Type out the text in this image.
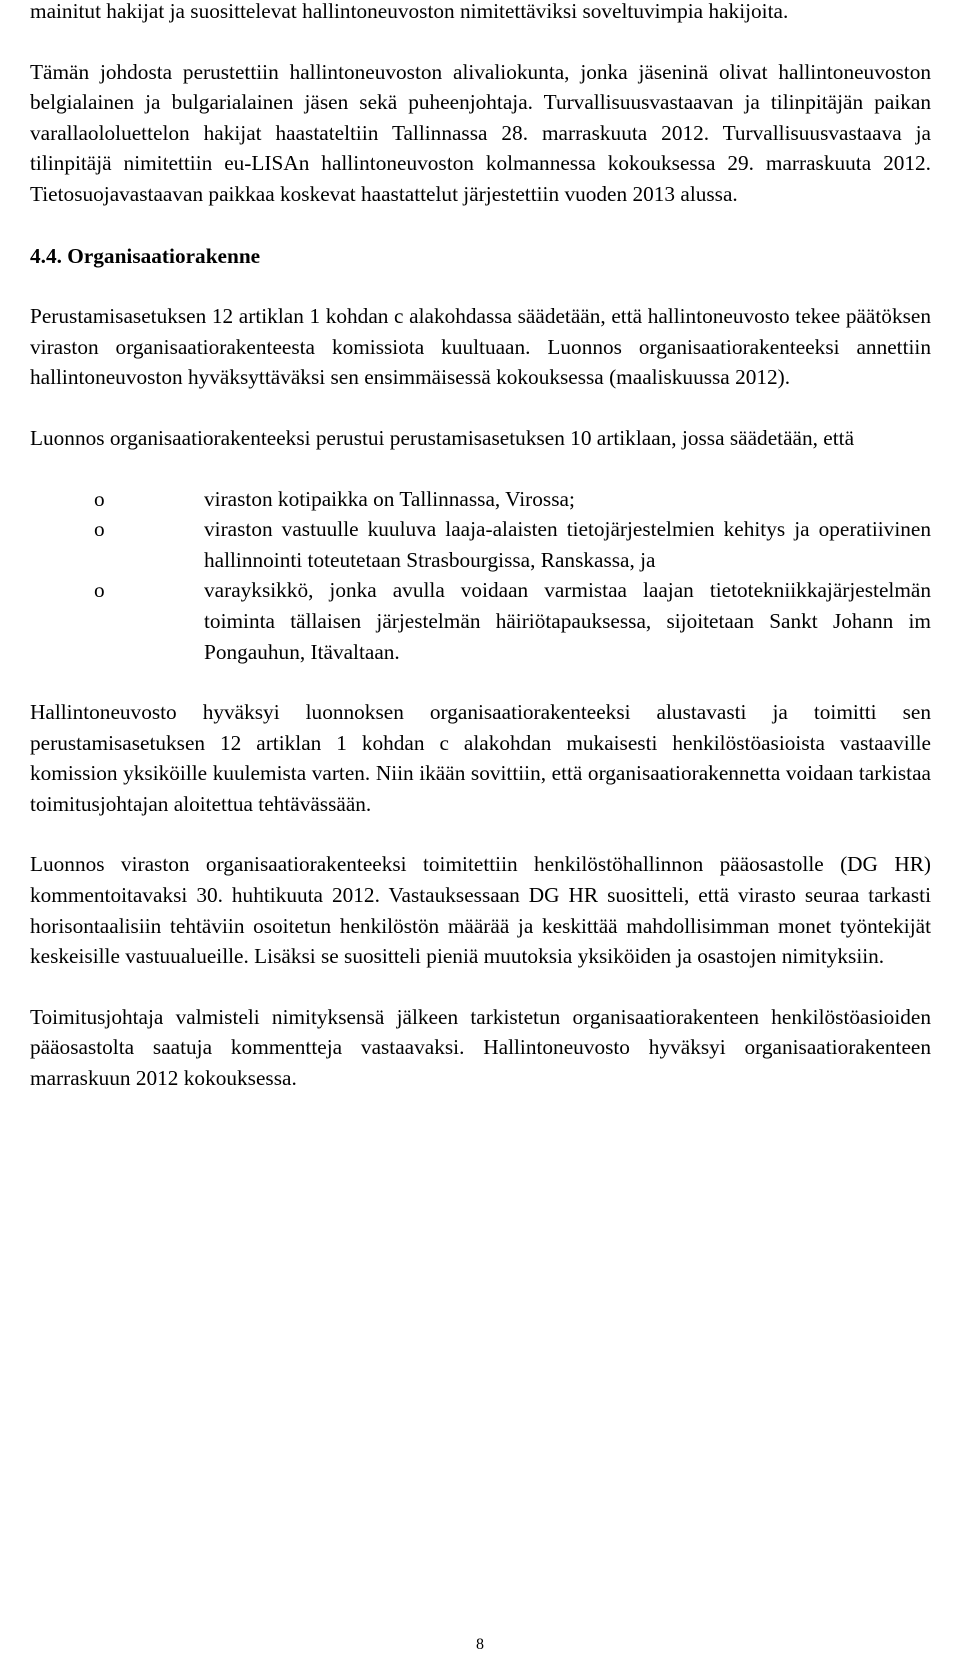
mainitut hakijat ja suosittelevat hallintoneuvoston nimitettäviksi soveltuvimpia hakijoita.

Tämän johdosta perustettiin hallintoneuvoston alivaliokunta, jonka jäseninä olivat hallintoneuvoston belgialainen ja bulgarialainen jäsen sekä puheenjohtaja. Turvallisuusvastaavan ja tilinpitäjän paikan varallaololuettelon hakijat haastateltiin Tallinnassa 28. marraskuuta 2012. Turvallisuusvastaava ja tilinpitäjä nimitettiin eu-LISAn hallintoneuvoston kolmannessa kokouksessa 29. marraskuuta 2012. Tietosuojavastaavan paikkaa koskevat haastattelut järjestettiin vuoden 2013 alussa.

4.4. Organisaatiorakenne

Perustamisasetuksen 12 artiklan 1 kohdan c alakohdassa säädetään, että hallintoneuvosto tekee päätöksen viraston organisaatiorakenteesta komissiota kuultuaan. Luonnos organisaatiorakenteeksi annettiin hallintoneuvoston hyväksyttäväksi sen ensimmäisessä kokouksessa (maaliskuussa 2012).

Luonnos organisaatiorakenteeksi perustui perustamisasetuksen 10 artiklaan, jossa säädetään, että

o	viraston kotipaikka on Tallinnassa, Virossa;
o	viraston vastuulle kuuluva laaja-alaisten tietojärjestelmien kehitys ja operatiivinen hallinnointi toteutetaan Strasbourgissa, Ranskassa, ja
o	varayksikkö, jonka avulla voidaan varmistaa laajan tietotekniikkajärjestelmän toiminta tällaisen järjestelmän häiriötapauksessa, sijoitetaan Sankt Johann im Pongauhun, Itävaltaan.

Hallintoneuvosto hyväksyi luonnoksen organisaatiorakenteeksi alustavasti ja toimitti sen perustamisasetuksen 12 artiklan 1 kohdan c alakohdan mukaisesti henkilöstöasioista vastaaville komission yksiköille kuulemista varten. Niin ikään sovittiin, että organisaatiorakennetta voidaan tarkistaa toimitusjohtajan aloitettua tehtävässään.

Luonnos viraston organisaatiorakenteeksi toimitettiin henkilöstöhallinnon pääosastolle (DG HR) kommentoitavaksi 30. huhtikuuta 2012. Vastauksessaan DG HR suositteli, että virasto seuraa tarkasti horisontaalisiin tehtäviin osoitetun henkilöstön määrää ja keskittää mahdollisimman monet työntekijät keskeisille vastuualueille. Lisäksi se suositteli pieniä muutoksia yksiköiden ja osastojen nimityksiin.

Toimitusjohtaja valmisteli nimityksensä jälkeen tarkistetun organisaatiorakenteen henkilöstöasioiden pääosastolta saatuja kommentteja vastaavaksi. Hallintoneuvosto hyväksyi organisaatiorakenteen marraskuun 2012 kokouksessa.

8
